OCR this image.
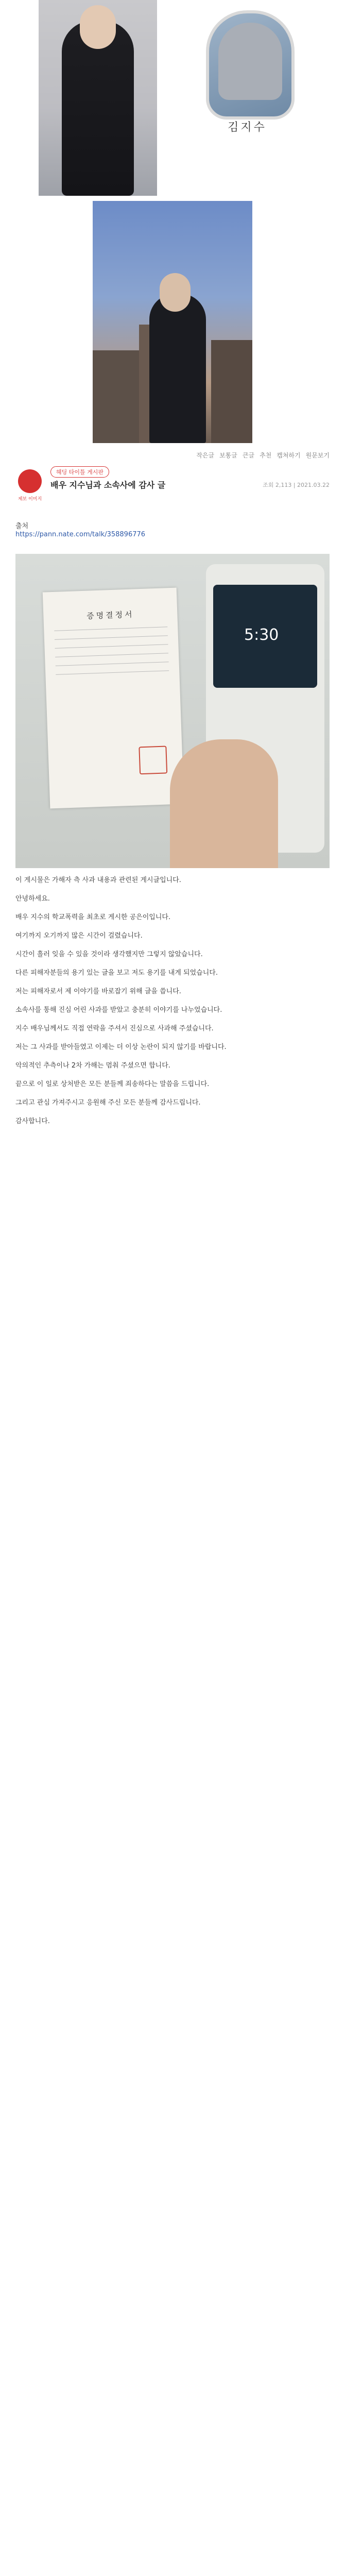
김지수
작은글 보통글 큰글 추천 캡쳐하기 원문보기
제보 이미지
헤딩 타이틀 게시판
배우 지수님과 소속사에 감사 글	조회 2,113 | 2021.03.22
출처
https://pann.nate.com/talk/358896776
증명결정서
5:30

이 게시물은 가해자 측 사과 내용과 관련된 게시글입니다.

안녕하세요.

배우 지수의 학교폭력을 최초로 게시한 공은이입니다.

여기까지 오기까지 많은 시간이 걸렸습니다.

시간이 흘러 잊을 수 있을 것이라 생각했지만 그렇지 않았습니다.

다른 피해자분들의 용기 있는 글을 보고 저도 용기를 내게 되었습니다.

저는 피해자로서 제 이야기를 바로잡기 위해 글을 씁니다.

소속사를 통해 진심 어린 사과를 받았고 충분히 이야기를 나누었습니다.

지수 배우님께서도 직접 연락을 주셔서 진심으로 사과해 주셨습니다.

저는 그 사과를 받아들였고 이제는 더 이상 논란이 되지 않기를 바랍니다.

악의적인 추측이나 2차 가해는 멈춰 주셨으면 합니다.

끝으로 이 일로 상처받은 모든 분들께 죄송하다는 말씀을 드립니다.

그리고 관심 가져주시고 응원해 주신 모든 분들께 감사드립니다.

감사합니다.
